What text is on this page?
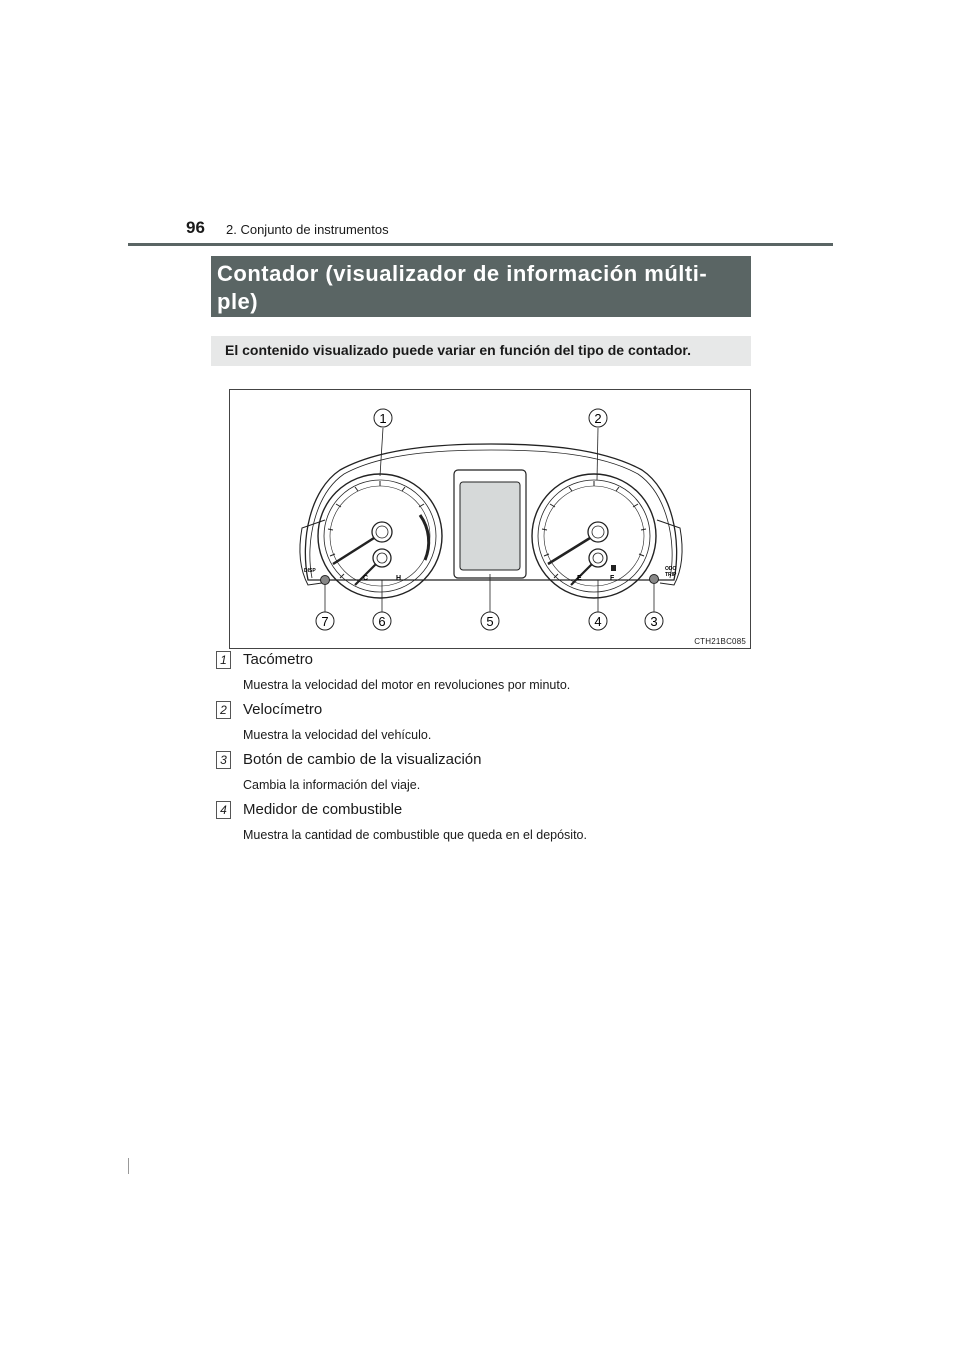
96 2. Conjunto de instrumentos
Contador (visualizador de información múlti-ple)
El contenido visualizado puede variar en función del tipo de contador.
C	H	E	F
DISP	ODO
TRIP
1	2
3
4
5
6
7
CTH21BC085
1 Tacómetro
Muestra la velocidad del motor en revoluciones por minuto.
2 Velocímetro
Muestra la velocidad del vehículo.
3 Botón de cambio de la visualización
Cambia la información del viaje.
4 Medidor de combustible
Muestra la cantidad de combustible que queda en el depósito.
